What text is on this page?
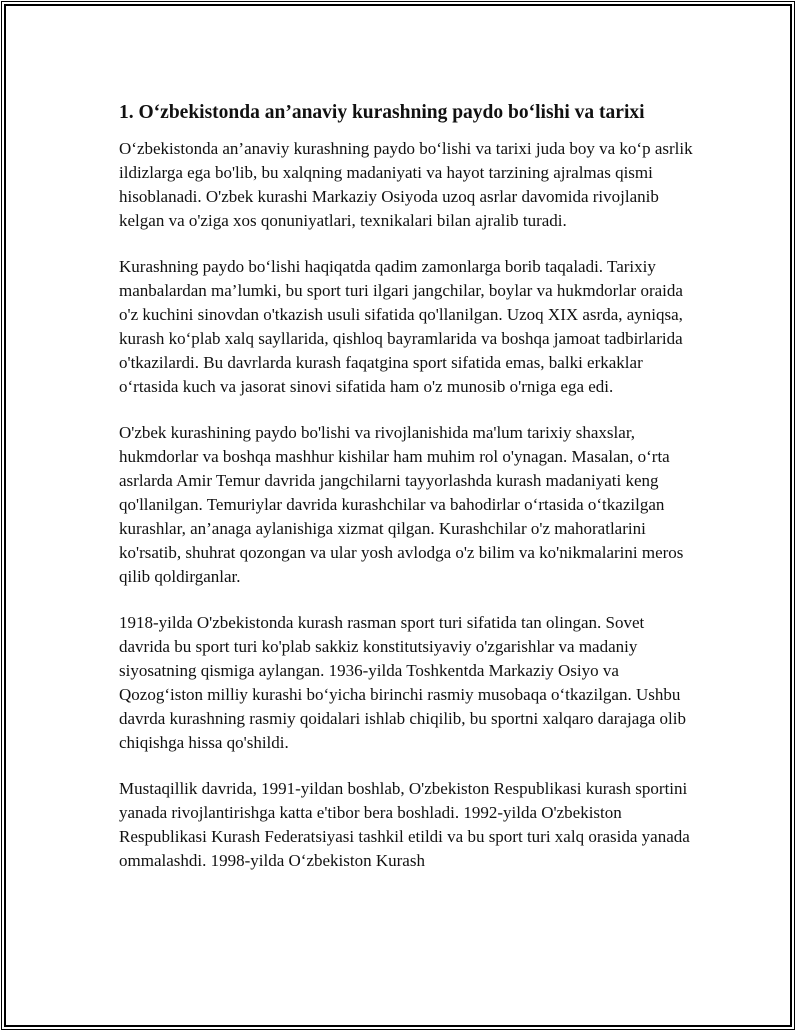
1. O‘zbekistonda an’anaviy kurashning paydo bo‘lishi va tarixi

O‘zbekistonda an’anaviy kurashning paydo bo‘lishi va tarixi juda boy va ko‘p asrlik ildizlarga ega bo'lib, bu xalqning madaniyati va hayot tarzining ajralmas qismi hisoblanadi. O'zbek kurashi Markaziy Osiyoda uzoq asrlar davomida rivojlanib kelgan va o'ziga xos qonuniyatlari, texnikalari bilan ajralib turadi.

Kurashning paydo bo‘lishi haqiqatda qadim zamonlarga borib taqaladi. Tarixiy manbalardan ma’lumki, bu sport turi ilgari jangchilar, boylar va hukmdorlar oraida o'z kuchini sinovdan o'tkazish usuli sifatida qo'llanilgan. Uzoq XIX asrda, ayniqsa, kurash ko‘plab xalq sayllarida, qishloq bayramlarida va boshqa jamoat tadbirlarida o'tkazilardi. Bu davrlarda kurash faqatgina sport sifatida emas, balki erkaklar o‘rtasida kuch va jasorat sinovi sifatida ham o'z munosib o'rniga ega edi.

O'zbek kurashining paydo bo'lishi va rivojlanishida ma'lum tarixiy shaxslar, hukmdorlar va boshqa mashhur kishilar ham muhim rol o'ynagan. Masalan, o‘rta asrlarda Amir Temur davrida jangchilarni tayyorlashda kurash madaniyati keng qo'llanilgan. Temuriylar davrida kurashchilar va bahodirlar o‘rtasida o‘tkazilgan kurashlar, an’anaga aylanishiga xizmat qilgan. Kurashchilar o'z mahoratlarini ko'rsatib, shuhrat qozongan va ular yosh avlodga o'z bilim va ko'nikmalarini meros qilib qoldirganlar.

1918-yilda O'zbekistonda kurash rasman sport turi sifatida tan olingan. Sovet davrida bu sport turi ko'plab sakkiz konstitutsiyaviy o'zgarishlar va madaniy siyosatning qismiga aylangan. 1936-yilda Toshkentda Markaziy Osiyo va Qozog‘iston milliy kurashi bo‘yicha birinchi rasmiy musobaqa o‘tkazilgan. Ushbu davrda kurashning rasmiy qoidalari ishlab chiqilib, bu sportni xalqaro darajaga olib chiqishga hissa qo'shildi.

Mustaqillik davrida, 1991-yildan boshlab, O'zbekiston Respublikasi kurash sportini yanada rivojlantirishga katta e'tibor bera boshladi. 1992-yilda O'zbekiston Respublikasi Kurash Federatsiyasi tashkil etildi va bu sport turi xalq orasida yanada ommalashdi. 1998-yilda O‘zbekiston Kurash
